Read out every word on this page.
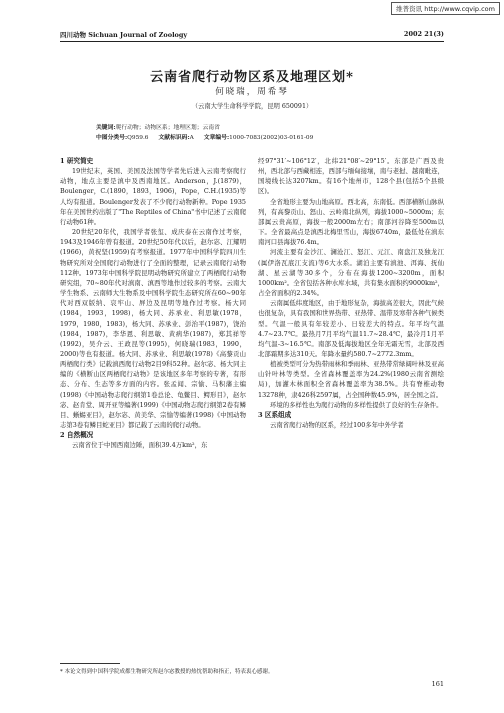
维普资讯 http://www.cqvip.com
四川动物 Sichuan Journal of Zoology	2002 21(3)
云南省爬行动物区系及地理区划*
何晓瑞，周希琴
（云南大学生命科学学院，昆明 650091）
关键词:爬行动物；动物区系；地理区划；云南省
中图分类号:Q959.6 文献标识码:A 文章编号:1000-7083(2002)03-0161-09
1 研究简史

19世纪末，英国、美国及法国等学者先后进入云南考察爬行动物，地点主要是滇中及西南地区。Anderson，J.(1879)，Boulenger，C.(1890，1893，1906)，Pope，C.H.(1935)等人均有报道。Boulenger发表了不少爬行动物新种。Pope 1935年在美国世约出版了"The Reptiles of China"书中记述了云南爬行动物61种。

20世纪20年代，我国学者张玺、成庆泰在云南作过考察，1943及1946年曾有报道。20世纪50年代以后，赵尔宓、江耀明(1966)，黄祝坚(1959)有考察报道。1977年中国科学院四川生物研究所对全国爬行动物进行了全面的整理，记录云南爬行动物112种。1973年中国科学院昆明动物研究所建立了两栖爬行动物研究组，70~80年代对滇南、滇西等地作过较多的考察。云南大学生物系、云南师大生物系及中国科学院生态研究所在60~90年代对西双版纳、哀牢山、屏边及昆明等地作过考察。杨大同(1984，1993，1998)，杨大同、苏承业、利思敏(1978，1979，1980，1983)，杨大同、苏承业、彭治平(1987)，饶治(1984，1987)，李华恩、利思敏、黄病华(1987)，郑其祥等(1992)，吴介云、王政昆等(1995)，何晓瑞(1983，1990，2000)等也有报道。杨大同、苏承业、利思敏(1978)《高黎贡山两栖爬行类》记载滇西爬行动物2目9科52种。赵尔宓、杨大同主编的《横断山区两栖爬行动物》是该地区多年考察的专著，有形态、分布、生态等多方面的内容。张孟闻、宗愉、马积藩主编(1998)《中国动物志爬行纲第1卷总论、龟鳖目、鳄形目》，赵尔宓、赵肯堂、周开亚等编著(1999)《中国动物志爬行纲第2卷有鳞目、蜥蜴亚目》，赵尔宓、黄美华、宗愉等编著(1998)《中国动物志第3卷有鳞目蛇亚目》都记载了云南的爬行动物。

2 自然概况

云南省位于中国西南边陲，面积39.4万km²，东

经97°31′~106°12′，北纬21°08′~29°15′。东部是广西及贵州，西北部与西藏相连，西部与缅甸接壤，南与老挝、越南毗连，国境线长达3207km。有16个地州市，128个县(包括5个县级区)。

全省地形主要为山地高原。西北高，东南低。西部横断山脉纵列，有高黎贡山、怒山、云岭南北纵列，海拔1000~5000m；东部属云贵高原，海拔一般2000m左右；南部河谷降至500m以下。全省最高点是滇西北梅里雪山，海拔6740m，最低处在滇东南河口县海拔76.4m。

河流主要有金沙江、澜沧江、怒江、元江、南盘江及独龙江(属伊洛瓦底江支流)等6大水系。湖泊主要有滇池、洱海、抚仙湖、星云湖等30多个，分布在海拔1200~3200m，面积1000km²。全省包括各种水库水域，共有集水面积约9000km²，占全省面积的2.34%。

云南属低纬度地区，由于地形复杂，海拔高差很大，因此气候也很复杂，具有我国和世界热带、亚热带、温带及寒带各种气候类型。气温一般具有年较差小、日较差大的特点。年平均气温4.7~23.7℃。最热月7月平均气温11.7~28.4℃，最冷月1月平均气温-3~16.5℃。南部及低海拔地区全年无霜无雪，北部及西北部霜期多达310天。年降水量约580.7~2772.3mm。

植被类型可分为热带雨林和季雨林、亚热带常绿阔叶林及亚高山针叶林等类型。全省森林覆盖率为24.2%(1980云南省测绘局)，加灌木林面积全省森林覆盖率为38.5%。共有脊椎动物13278种，隶426科2597属，占全国种数45.9%，居全国之首。

环境的多样性也为爬行动物的多样性提供了良好的生存条件。

3 区系组成

云南省爬行动物的区系，经过100多年中外学者

* 本论文得到中国科学院成都生物研究所赵尔宓教授的热忱帮助和指正，特表衷心感谢。
161
